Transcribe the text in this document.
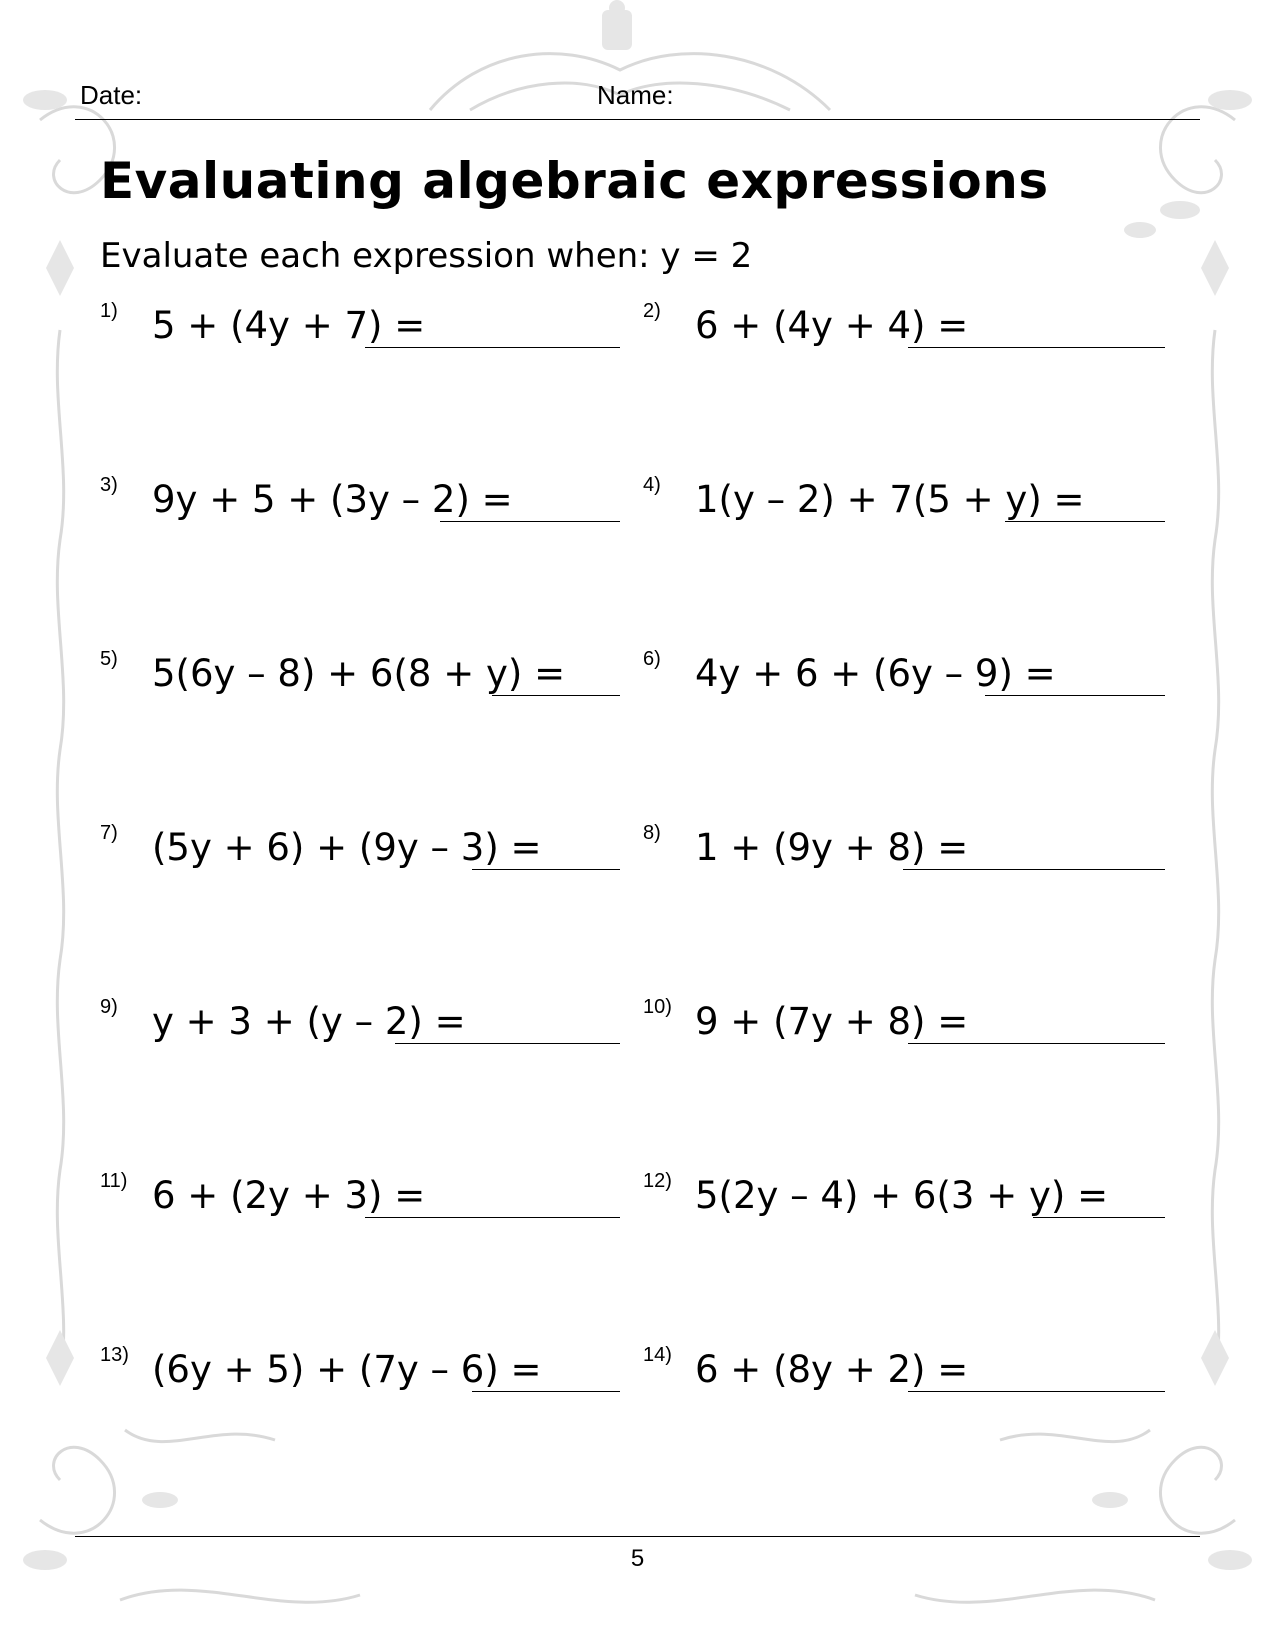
Date:	Name:
Evaluating algebraic expressions
Evaluate each expression when: y = 2
1) 5 + (4y + 7) =	2) 6 + (4y + 4) =
3) 9y + 5 + (3y – 2) =	4) 1(y – 2) + 7(5 + y) =
5) 5(6y – 8) + 6(8 + y) =	6) 4y + 6 + (6y – 9) =
7) (5y + 6) + (9y – 3) =	8) 1 + (9y + 8) =
9) y + 3 + (y – 2) =	10) 9 + (7y + 8) =
11) 6 + (2y + 3) =	12) 5(2y – 4) + 6(3 + y) =
13) (6y + 5) + (7y – 6) =	14) 6 + (8y + 2) =
5
